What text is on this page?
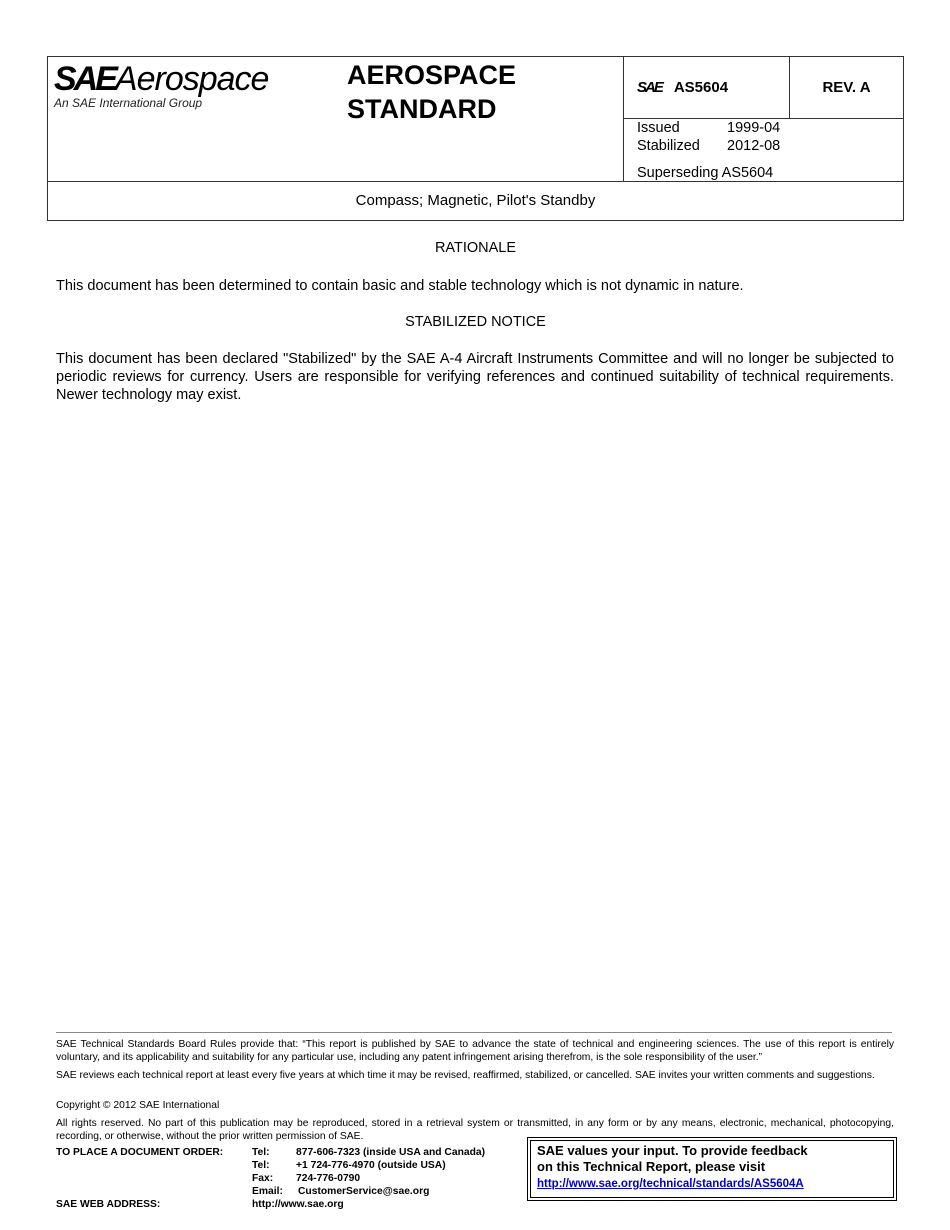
SAEAerospace
An SAE International Group
AEROSPACE
STANDARD
SAE AS5604	REV. A
Issued	1999-04
Stabilized 2012-08
Superseding AS5604
Compass; Magnetic, Pilot's Standby
RATIONALE
This document has been determined to contain basic and stable technology which is not dynamic in nature.
STABILIZED NOTICE
This document has been declared "Stabilized" by the SAE A-4 Aircraft Instruments Committee and will no longer be subjected to periodic reviews for currency. Users are responsible for verifying references and continued suitability of technical requirements. Newer technology may exist.
SAE Technical Standards Board Rules provide that: “This report is published by SAE to advance the state of technical and engineering sciences. The use of this report is entirely voluntary, and its applicability and suitability for any particular use, including any patent infringement arising therefrom, is the sole responsibility of the user.”
SAE reviews each technical report at least every five years at which time it may be revised, reaffirmed, stabilized, or cancelled. SAE invites your written comments and suggestions.
Copyright © 2012 SAE International
All rights reserved. No part of this publication may be reproduced, stored in a retrieval system or transmitted, in any form or by any means, electronic, mechanical, photocopying, recording, or otherwise, without the prior written permission of SAE.
TO PLACE A DOCUMENT ORDER:	Tel:	877-606-7323 (inside USA and Canada)
Tel:	+1 724-776-4970 (outside USA)
Fax: 724-776-0790
Email: CustomerService@sae.org
SAE WEB ADDRESS:	http://www.sae.org
SAE values your input. To provide feedback
on this Technical Report, please visit
http://www.sae.org/technical/standards/AS5604A
